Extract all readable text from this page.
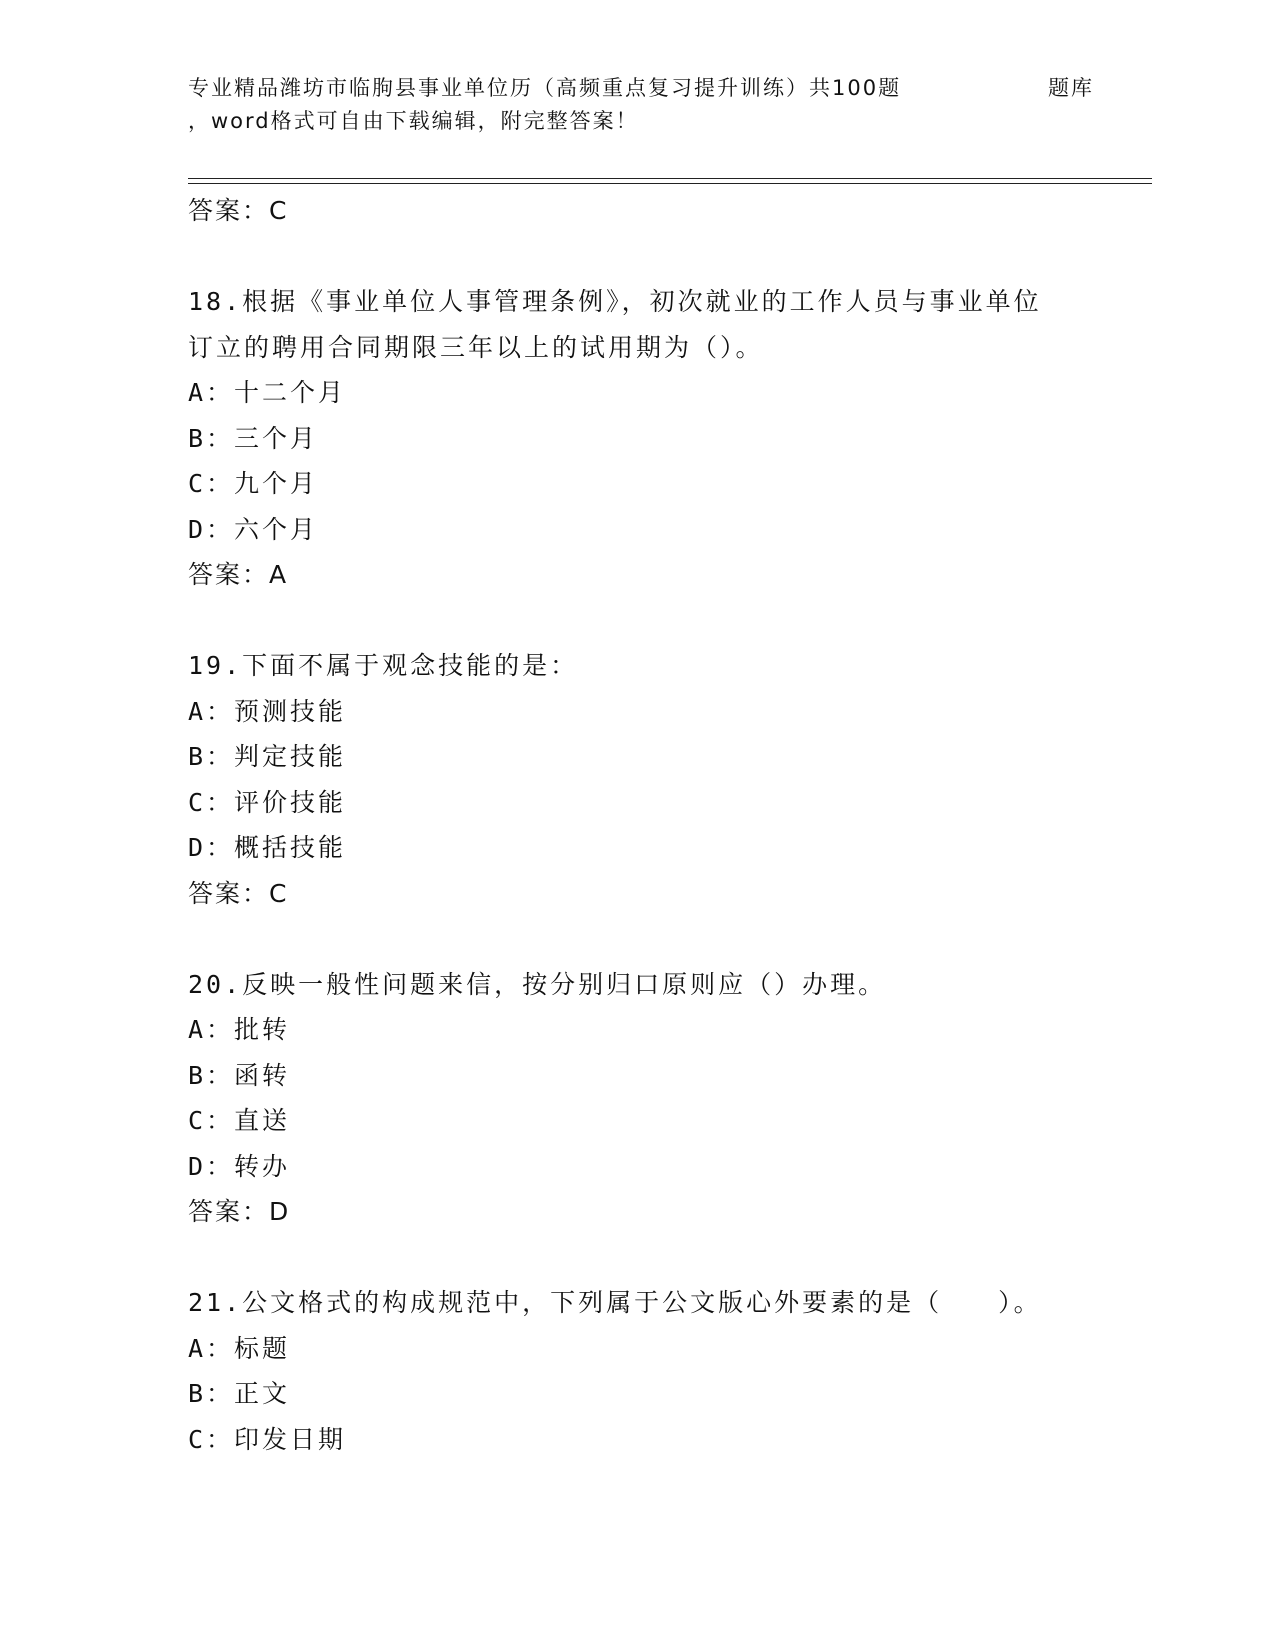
专业精品潍坊市临朐县事业单位历（高频重点复习提升训练）共100题	题库
，word格式可自由下载编辑，附完整答案！
答案：C
18.根据《事业单位人事管理条例》，初次就业的工作人员与事业单位
订立的聘用合同期限三年以上的试用期为（）。
A：十二个月
B：三个月
C：九个月
D：六个月
答案：A
19.下面不属于观念技能的是：
A：预测技能
B：判定技能
C：评价技能
D：概括技能
答案：C
20.反映一般性问题来信，按分别归口原则应（）办理。
A：批转
B：函转
C：直送
D：转办
答案：D
21.公文格式的构成规范中，下列属于公文版心外要素的是（　　）。
A：标题
B：正文
C：印发日期
